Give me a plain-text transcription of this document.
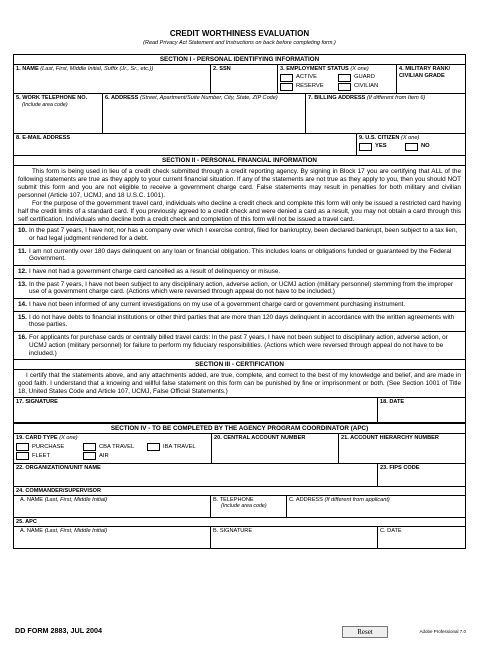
CREDIT WORTHINESS EVALUATION
(Read Privacy Act Statement and Instructions on back before completing form.)
SECTION I - PERSONAL IDENTIFYING INFORMATION
1. NAME (Last, First, Middle Initial, Suffix (Jr., Sr., etc.))	2. SSN	3. EMPLOYMENT STATUS (X one)
ACTIVE
RESERVE
GUARD
CIVILIAN
4. MILITARY RANK/ CIVILIAN GRADE
5. WORK TELEPHONE NO.
(Include area code)
6. ADDRESS (Street, Apartment/Suite Number, City, State, ZIP Code)	7. BILLING ADDRESS (If different from Item 6)
8. E-MAIL ADDRESS	9. U.S. CITIZEN (X one)
YES	NO
SECTION II - PERSONAL FINANCIAL INFORMATION
This form is being used in lieu of a credit check submitted through a credit reporting agency. By signing in Block 17 you are certifying that ALL of the following statements are true as they apply to your current financial situation. If any of the statements are not true as they apply to you, then you should NOT submit this form and you are not eligible to receive a government charge card. False statements may result in penalties for both military and civilian personnel (Article 107, UCMJ, and 18 U.S.C. 1001).
For the purpose of the government travel card, individuals who decline a credit check and complete this form will only be issued a restricted card having half the credit limits of a standard card. If you previously agreed to a credit check and were denied a card as a result, you may not obtain a card through this self certification. Individuals who decline both a credit check and completion of this form will not be issued a travel card.
10. In the past 7 years, I have not, nor has a company over which I exercise control, filed for bankruptcy, been declared bankrupt, been subject to a tax lien, or had legal judgment rendered for a debt.
11. I am not currently over 180 days delinquent on any loan or financial obligation. This includes loans or obligations funded or guaranteed by the Federal Government.
12. I have not had a government charge card cancelled as a result of delinquency or misuse.
13. In the past 7 years, I have not been subject to any disciplinary action, adverse action, or UCMJ action (military personnel) stemming from the improper use of a government charge card. (Actions which were reversed through appeal do not have to be included.)
14. I have not been informed of any current investigations on my use of a government charge card or government purchasing instrument.
15. I do not have debts to financial institutions or other third parties that are more than 120 days delinquent in accordance with the written agreements with those parties.
16. For applicants for purchase cards or centrally billed travel cards: In the past 7 years, I have not been subject to disciplinary action, adverse action, or UCMJ action (military personnel) for failure to perform my fiduciary responsibilities. (Actions which were reversed through appeal do not have to be included.)
SECTION III - CERTIFICATION
I certify that the statements above, and any attachments added, are true, complete, and correct to the best of my knowledge and belief, and are made in good faith. I understand that a knowing and willful false statement on this form can be punished by fine or imprisonment or both. (See Section 1001 of Title 18, United States Code and Article 107, UCMJ, False Official Statements.)
17. SIGNATURE	18. DATE
SECTION IV - TO BE COMPLETED BY THE AGENCY PROGRAM COORDINATOR (APC)
19. CARD TYPE (X one)
PURCHASE
FLEET
CBA TRAVEL
AIR
IBA TRAVEL
20. CENTRAL ACCOUNT NUMBER	21. ACCOUNT HIERARCHY NUMBER
22. ORGANIZATION/UNIT NAME	23. FIPS CODE
24. COMMANDER/SUPERVISOR
A. NAME (Last, First, Middle Initial)	B. TELEPHONE
(Include area code)
C. ADDRESS (If different from applicant)
25. APC
A. NAME (Last, First, Middle Initial)	B. SIGNATURE	C. DATE
DD FORM 2883, JUL 2004	Reset	Adobe Professional 7.0
